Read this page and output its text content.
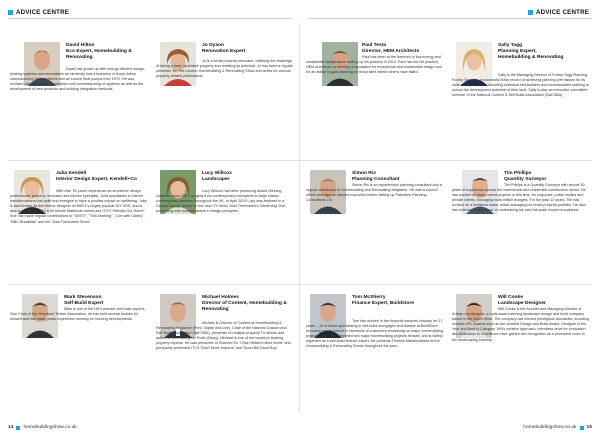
ADVICE CENTRE	ADVICE CENTRE
David Hilton
Eco Expert, Homebuilding & Renovating
David has grown up with energy efficient design, heating systems and renewables as his family had a business in South Africa manufacturing Solar systems and air source heat pumps from 1979. He was involved with the design, installation and commissioning of systems as well as the development of new products and building integration methods.
Jo Dyson
Renovation Expert
Jo is a serial property renovator, relishing the challenge of taking a tired, lacklustre property and realising its potential. Jo has been a regular presenter for The London Homebuilding & Renovating Show and writes for various property-related publications.
Paul Testa
Director, HEM Architects
Paul has been at the forefront of low energy and sustainable design since setting up his practice in 2010. Paul has led his practice, HEM Architects, to develop a reputation for exceptional and sustainable design and for an ability to gain planning on tricky sites where others have failed.
Sally Tagg
Planning Expert, Homebuilding & Renovating
Sally is the Managing Director of Foxley Tagg Planning. Foxley Tagg has a successful track record of achieving planning permission for its wide variety of clients including individual self-builders and housebuilders seeking to unlock the development potential of their land. Sally is also an executive committee member of the National Custom & Self-Build Association (NaCSBA).
Julia Kendell
Interior Design Expert, Kendell+Co
With over 30 years' experience as an interior design professional, property renovator and kitchen specialist, Julia specialises in interior transformations that uplift and energise to have a positive impact on wellbeing. Julia is best known as the interior designer on BBC1's hugely popular DIY SOS, and is also a regular on ITV1's 60 Minute Makeover series and ITV's "Rebuild Our Home". She has made regular contributions to "GMTV", "This Morning", "Live with Gabby", "BBC Breakfast" and the "Alan Titchmarsh Show".
Lucy Willcox
Landscaper
Lucy Willcox has been producing Award Winning Gardens since 2007, ranging from contemporary courtyards to large classic contemporary gardens throughout the UK. In April 2024 Lucy was featured in a Garden Design Series on the new ITV show 'Alan Titchmarsh's Gardening Club', presenting mini masterclasses in design principles.
Simon Rix
Planning Consultant
Simon Rix is an experienced planning consultant and a regular contributor to Homebuilding and Renovating Magazine. He was a council officer and later an elected councillor before setting up Plainview Planning Consultants Ltd.
Tim Phillips
Quantity Surveyor
Tim Phillips is a Quantity Surveyor with almost 30 years of experience across the commercial and residential construction sector. He has worked on many varied projects in this time, for corporate, public bodies and private clients, managing multi-million budgets. For the past 12 years, Tim has worked on a freelance basis, whilst managing his rental property portfolio. He also has extensive experience of undertaking his own full-scale house renovations.
Mark Stevenson
Self-Build Expert
Mark is one of the UK's premier self-build experts, Vice Chair of the Structural Timber Association, he has built several houses for himself and has many years experience working on housing developments.
Michael Holmes
Director of Content, Homebuilding & Renovating
Michael is Director of Content at Homebuilding & Renovating Magazine (Print, Digital and Live), Chair of the National Custom and Self-Build Association (NaCSBA), presenter of multiple property TV shows and author of Renovating for Profit (Ebury). Michael is one of the country's leading property experts. He was presenter of Channel 5's 'I Own Britain's Best Home' and previously presented ITV's 'Don't Move Improve' and 'Good Bid Good Buy'.
Tom McSherry
Finance Expert, Buildstore
Tom has worked in the financial services industry for 27 years – 14 of these specialising in self-build mortgages and finance at BuildStore, providing expert advice to hundreds of customers embarking on major homebuilding projects. Tom has completed two major homebuilding projects himself, and is widely regarded as a self-build finance expert. He presents Finance Masterclasses at the Homebuilding & Renovating Shows throughout the year.
Will Cooke
Landscape Designer
Will Cooke is the founder and Managing Director of Artisan Landscapes, a multi-award-winning landscape design and build company based in the South West. The company has earned prestigious accolades, including multiple APL Awards such as the coveted Design and Build Award, Designer of the Year and Best in Category. Will's creative approach, relentless drive for innovation and dedication to excellence have gained him recognition as a prominent voice in the landscaping industry.
14 homebuildingshow.co.uk	homebuildingshow.co.uk 15
